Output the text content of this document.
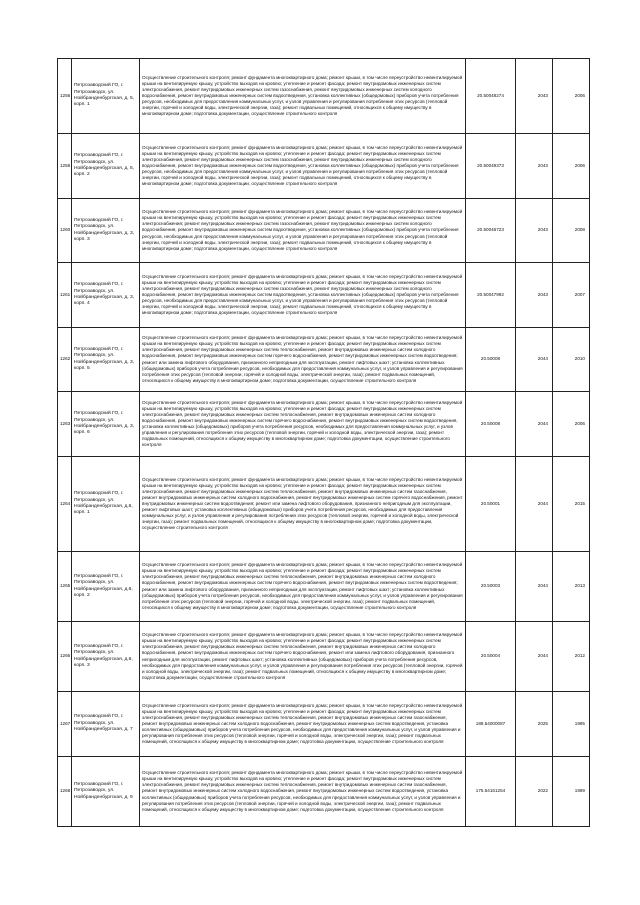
1256	Петрозаводский ГО, г. Петрозаводск, ул. Нойбранденбургская, д. 5, корп. 1	Осуществление строительного контроля; ремонт фундамента многоквартирного дома; ремонт крыши, в том числе переустройство невентилируемой крыши на вентилируемую крышу, устройство выходов на кровлю; утепление и ремонт фасада; ремонт внутридомовых инженерных систем электроснабжения, ремонт внутридомовых инженерных систем газоснабжения, ремонт внутридомовых инженерных систем холодного водоснабжения, ремонт внутридомовых инженерных систем водоотведения, установка коллективных (общедомовых) приборов учета потребления ресурсов, необходимых для предоставления коммунальных услуг, и узлов управления и регулирования потребления этих ресурсов (тепловой энергии, горячей и холодной воды, электрической энергии, газа); ремонт подвальных помещений, относящихся к общему имуществу в многоквартирном доме; подготовка документации, осуществление строительного контроля	20.50048274	2043	2006
1258	Петрозаводский ГО, г. Петрозаводск, ул. Нойбранденбургская, д. 5, корп. 2	Осуществление строительного контроля; ремонт фундамента многоквартирного дома; ремонт крыши, в том числе переустройство невентилируемой крыши на вентилируемую крышу, устройство выходов на кровлю; утепление и ремонт фасада; ремонт внутридомовых инженерных систем электроснабжения, ремонт внутридомовых инженерных систем газоснабжения, ремонт внутридомовых инженерных систем холодного водоснабжения, ремонт внутридомовых инженерных систем водоотведения, установка коллективных (общедомовых) приборов учета потребления ресурсов, необходимых для предоставления коммунальных услуг, и узлов управления и регулирования потребления этих ресурсов (тепловой энергии, горячей и холодной воды, электрической энергии, газа); ремонт подвальных помещений, относящихся к общему имуществу в многоквартирном доме; подготовка документации, осуществление строительного контроля	20.50049373	2043	2006
1260	Петрозаводский ГО, г. Петрозаводск, ул. Нойбранденбургская, д. 3, корп. 3	Осуществление строительного контроля; ремонт фундамента многоквартирного дома; ремонт крыши, в том числе переустройство невентилируемой крыши на вентилируемую крышу, устройство выходов на кровлю; утепление и ремонт фасада; ремонт внутридомовых инженерных систем электроснабжения; ремонт внутридомовых инженерных систем газоснабжения, ремонт внутридомовых инженерных систем холодного водоснабжения, ремонт внутридомовых инженерных систем водоотведения, установка коллективных (общедомовых) приборов учета потребления ресурсов, необходимых для предоставления коммунальных услуг, и узлов управления и регулирования потребления этих ресурсов (тепловой энергии, горячей и холодной воды, электрической энергии, газа); ремонт подвальных помещений, относящихся к общему имуществу в многоквартирном доме; подготовка документации, осуществление строительного контроля	20.50046723	2043	2008
1261	Петрозаводский ГО, г. Петрозаводск, ул. Нойбранденбургская, д. 3, корп. 4	Осуществление строительного контроля; ремонт фундамента многоквартирного дома; ремонт крыши, в том числе переустройство невентилируемой крыши на вентилируемую крышу, устройство выходов на кровлю; утепление и ремонт фасада; ремонт внутридомовых инженерных систем электроснабжения, ремонт внутридомовых инженерных систем газоснабжения, ремонт внутридомовых инженерных систем холодного водоснабжения, ремонт внутридомовых инженерных систем водоотведения, установка коллективных (общедомовых) приборов учета потребления ресурсов, необходимых для предоставления коммунальных услуг, и узлов управления и регулирования потребления этих ресурсов (тепловой энергии, горячей и холодной воды, электрической энергии, газа); ремонт подвальных помещений, относящихся к общему имуществу в многоквартирном доме; подготовка документации, осуществление строительного контроля	20.50047992	2043	2007
1262	Петрозаводский ГО, г. Петрозаводск, ул. Нойбранденбургская, д. 3, корп. 5	Осуществление строительного контроля; ремонт фундамента многоквартирного дома; ремонт крыши, в том числе переустройство невентилируемой крыши на вентилируемую крышу, устройство выходов на кровлю; утепление и ремонт фасада; ремонт внутридомовых инженерных систем электроснабжения, ремонт внутридомовых инженерных систем теплоснабжения, ремонт внутридомовых инженерных систем холодного водоснабжения, ремонт внутридомовых инженерных систем горячего водоснабжения, ремонт внутридомовых инженерных систем водоотведения; ремонт или замена лифтового оборудования, признанного непригодным для эксплуатации, ремонт лифтовых шахт; установка коллективных (общедомовых) приборов учета потребления ресурсов, необходимых для предоставления коммунальных услуг, и узлов управления и регулирования потребления этих ресурсов (тепловой энергии, горячей и холодной воды, электрической энергии, газа); ремонт подвальных помещений, относящихся к общему имуществу в многоквартирном доме; подготовка документации, осуществление строительного контроля	20.50008	2044	2010
1263	Петрозаводский ГО, г. Петрозаводск, ул. Нойбранденбургская, д. 3, корп. 6	Осуществление строительного контроля; ремонт фундамента многоквартирного дома; ремонт крыши, в том числе переустройство невентилируемой крыши на вентилируемую крышу, устройство выходов на кровлю; утепление и ремонт фасада; ремонт внутридомовых инженерных систем электроснабжения, ремонт внутридомовых инженерных систем теплоснабжения, ремонт внутридомовых инженерных систем холодного водоснабжения, ремонт внутридомовых инженерных систем горячего водоснабжения, ремонт внутридомовых инженерных систем водоотведения, установка коллективных (общедомовых) приборов учета потребления ресурсов, необходимых для предоставления коммунальных услуг, и узлов управления и регулирования потребления этих ресурсов (тепловой энергии, горячей и холодной воды, электрической энергии, газа); ремонт подвальных помещений, относящихся к общему имуществу в многоквартирном доме; подготовка документации, осуществление строительного контроля	20.50008	2044	2006
1264	Петрозаводский ГО, г. Петрозаводск, ул. Нойбранденбургская, д.6, корп. 1	Осуществление строительного контроля; ремонт фундамента многоквартирного дома; ремонт крыши, в том числе переустройство невентилируемой крыши на вентилируемую крышу, устройство выходов на кровлю; утепление и ремонт фасада; ремонт внутридомовых инженерных систем электроснабжения, ремонт внутридомовых инженерных систем теплоснабжения, ремонт внутридомовых инженерных систем газоснабжения, ремонт внутридомовых инженерных систем холодного водоснабжения, ремонт внутридомовых инженерных систем горячего водоснабжения, ремонт внутридомовых инженерных систем водоотведения; ремонт или замена лифтового оборудования, признанного непригодным для эксплуатации, ремонт лифтовых шахт; установка коллективных (общедомовых) приборов учета потребления ресурсов, необходимых для предоставления коммунальных услуг, и узлов управления и регулирования потребления этих ресурсов (тепловой энергии, горячей и холодной воды, электрической энергии, газа); ремонт подвальных помещений, относящихся к общему имуществу в многоквартирном доме; подготовка документации, осуществление строительного контроля	20.50001	2044	2015
1265	Петрозаводский ГО, г. Петрозаводск, ул. Нойбранденбургская, д.6, корп. 2	Осуществление строительного контроля; ремонт фундамента многоквартирного дома; ремонт крыши, в том числе переустройство невентилируемой крыши на вентилируемую крышу, устройство выходов на кровлю; утепление и ремонт фасада; ремонт внутридомовых инженерных систем электроснабжения, ремонт внутридомовых инженерных систем теплоснабжения, ремонт внутридомовых инженерных систем холодного водоснабжения, ремонт внутридомовых инженерных систем горячего водоснабжения, ремонт внутридомовых инженерных систем водоотведения; ремонт или замена лифтового оборудования, признанного непригодным для эксплуатации, ремонт лифтовых шахт; установка коллективных (общедомовых) приборов учета потребления ресурсов, необходимых для предоставления коммунальных услуг, и узлов управления и регулирования потребления этих ресурсов (тепловой энергии, горячей и холодной воды, электрической энергии, газа); ремонт подвальных помещений, относящихся к общему имуществу в многоквартирном доме; подготовка документации, осуществление строительного контроля	20.50003	2044	2013
1266	Петрозаводский ГО, г. Петрозаводск, ул. Нойбранденбургская, д.6, корп. 3	Осуществление строительного контроля; ремонт фундамента многоквартирного дома; ремонт крыши, в том числе переустройство невентилируемой крыши на вентилируемую крышу, устройство выходов на кровлю; утепление и ремонт фасада; ремонт внутридомовых инженерных систем электроснабжения, ремонт внутридомовых инженерных систем теплоснабжения, ремонт внутридомовых инженерных систем холодного водоснабжения, ремонт внутридомовых инженерных систем горячего водоснабжения, ремонт или замена лифтового оборудования, признанного непригодным для эксплуатации, ремонт лифтовых шахт; установка коллективных (общедомовых) приборов учета потребления ресурсов, необходимых для предоставления коммунальных услуг, и узлов управления и регулирования потребления этих ресурсов (тепловой энергии, горячей и холодной воды, электрической энергии, газа); ремонт подвальных помещений, относящихся к общему имуществу в многоквартирном доме; подготовка документации, осуществление строительного контроля	20.50004	2044	2012
1267	Петрозаводский ГО, г. Петрозаводск, ул. Нойбранденбургская, д. 7	Осуществление строительного контроля; ремонт фундамента многоквартирного дома; ремонт крыши, в том числе переустройство невентилируемой крыши на вентилируемую крышу, устройство выходов на кровлю; утепление и ремонт фасада; ремонт внутридомовых инженерных систем электроснабжения, ремонт внутридомовых инженерных систем теплоснабжения, ремонт внутридомовых инженерных систем газоснабжения, ремонт внутридомовых инженерных систем холодного водоснабжения, ремонт внутридомовых инженерных систем водоотведения, установка коллективных (общедомовых) приборов учета потребления ресурсов, необходимых для предоставления коммунальных услуг, и узлов управления и регулирования потребления этих ресурсов (тепловой энергии, горячей и холодной воды, электрической энергии, газа); ремонт подвальных помещений, относящихся к общему имуществу в многоквартирном доме; подготовка документации, осуществление строительного контроля	188.54000087	2025	1985
1268	Петрозаводский ГО, г. Петрозаводск, ул. Нойбранденбургская, д. 9	Осуществление строительного контроля; ремонт фундамента многоквартирного дома; ремонт крыши, в том числе переустройство невентилируемой крыши на вентилируемую крышу, устройство выходов на кровлю; утепление и ремонт фасада; ремонт внутридомовых инженерных систем электроснабжения, ремонт внутридомовых инженерных систем теплоснабжения, ремонт внутридомовых инженерных систем газоснабжения, ремонт внутридомовых инженерных систем холодного водоснабжения, ремонт внутридомовых инженерных систем водоотведения, установка коллективных (общедомовых) приборов учета потребления ресурсов, необходимых для предоставления коммунальных услуг, и узлов управления и регулирования потребления этих ресурсов (тепловой энергии, горячей и холодной воды, электрической энергии, газа); ремонт подвальных помещений, относящихся к общему имуществу в многоквартирном доме; подготовка документации, осуществление строительного контроля	175.54161254	2022	1989
